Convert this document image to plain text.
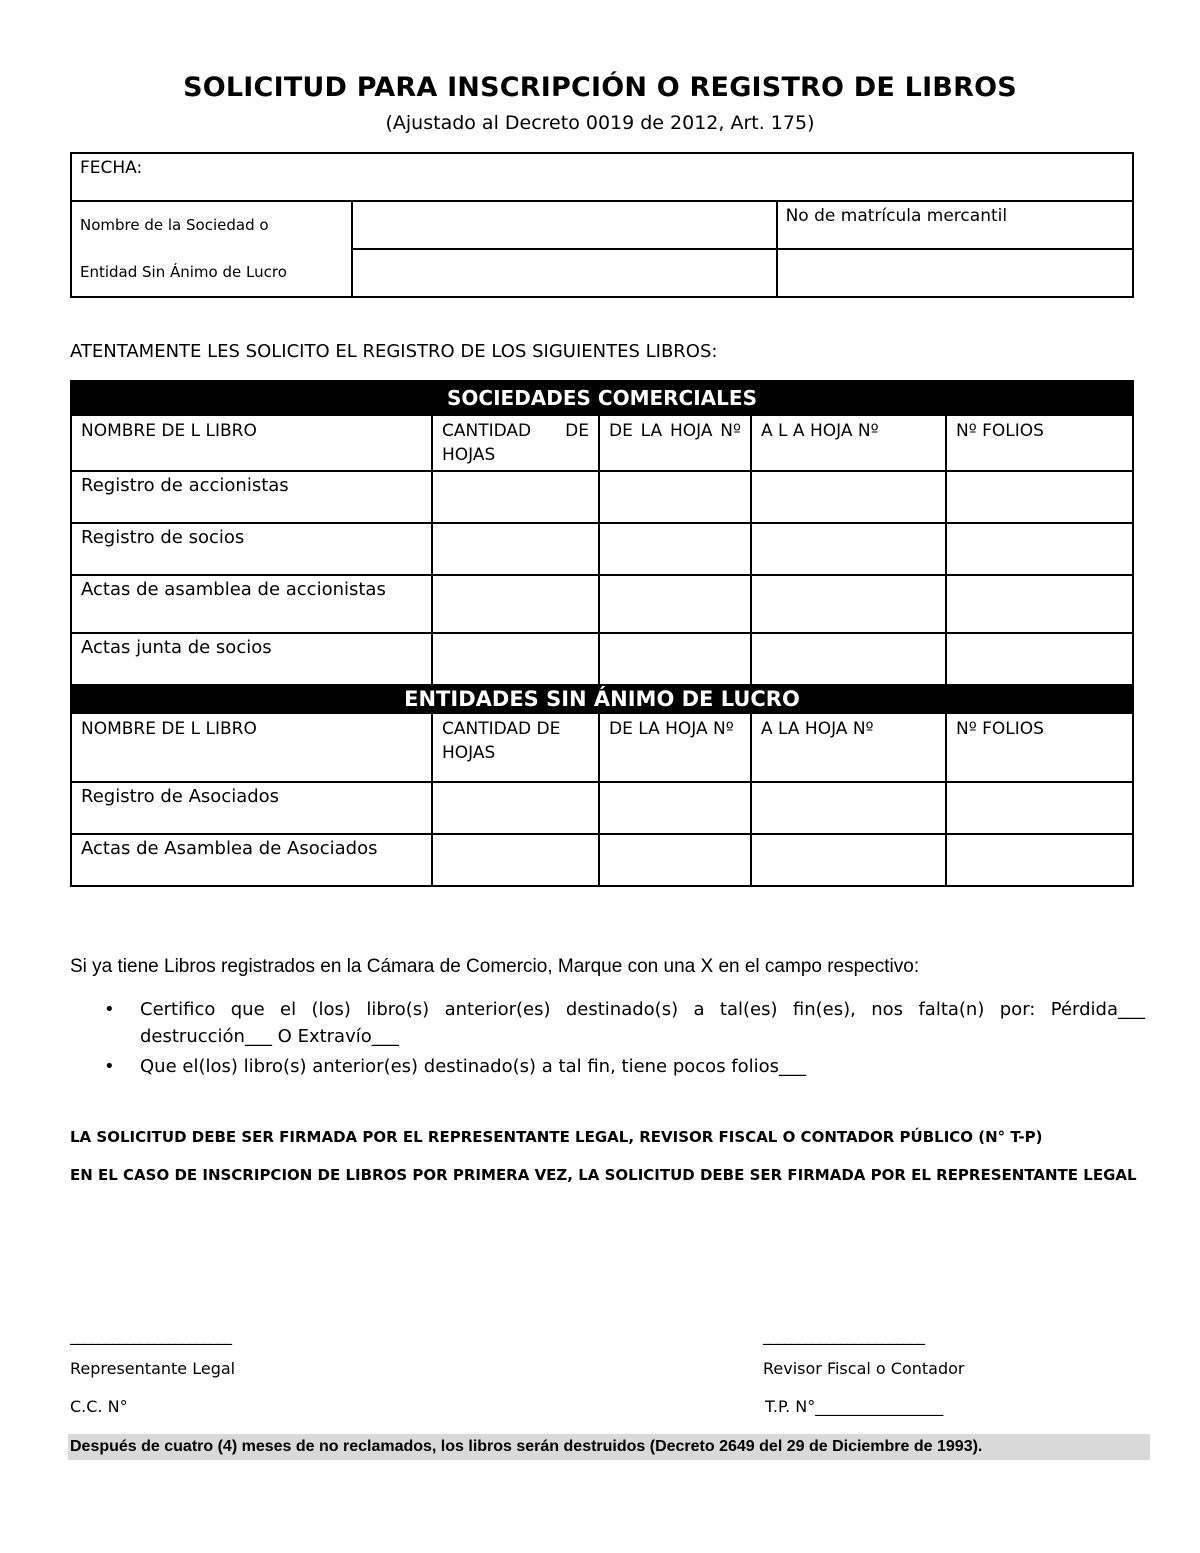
SOLICITUD PARA INSCRIPCIÓN O REGISTRO DE LIBROS
(Ajustado al Decreto 0019 de 2012, Art. 175)
FECHA:		
Nombre de la Sociedad o		No de matrícula mercantil
Entidad Sin Ánimo de Lucro		
ATENTAMENTE LES SOLICITO EL REGISTRO DE LOS SIGUIENTES LIBROS:
SOCIEDADES COMERCIALES				
NOMBRE DE L LIBRO	CANTIDAD DE HOJAS	DE LA HOJA Nº	A L A HOJA Nº	Nº FOLIOS
Registro de accionistas				
Registro de socios				
Actas de asamblea de accionistas				
Actas junta de socios				
ENTIDADES SIN ÁNIMO DE LUCRO				
NOMBRE DE L LIBRO	CANTIDAD DE HOJAS	DE LA HOJA Nº	A LA HOJA Nº	Nº FOLIOS
Registro de Asociados				
Actas de Asamblea de Asociados				
Si ya tiene Libros registrados en la Cámara de Comercio, Marque con una X en el campo respectivo:
• Certifico que el (los) libro(s) anterior(es) destinado(s) a tal(es) fin(es), nos falta(n) por: Pérdida___ destrucción___ O Extravío___
• Que el(los) libro(s) anterior(es) destinado(s) a tal fin, tiene pocos folios___
LA SOLICITUD DEBE SER FIRMADA POR EL REPRESENTANTE LEGAL, REVISOR FISCAL O CONTADOR PÚBLICO (N° T-P)
EN EL CASO DE INSCRIPCION DE LIBROS POR PRIMERA VEZ, LA SOLICITUD DEBE SER FIRMADA POR EL REPRESENTANTE LEGAL
_______________________	_______________________
Representante Legal
C.C. N°
Revisor Fiscal o Contador
T.P. N°________________
Después de cuatro (4) meses de no reclamados, los libros serán destruidos (Decreto 2649 del 29 de Diciembre de 1993).
